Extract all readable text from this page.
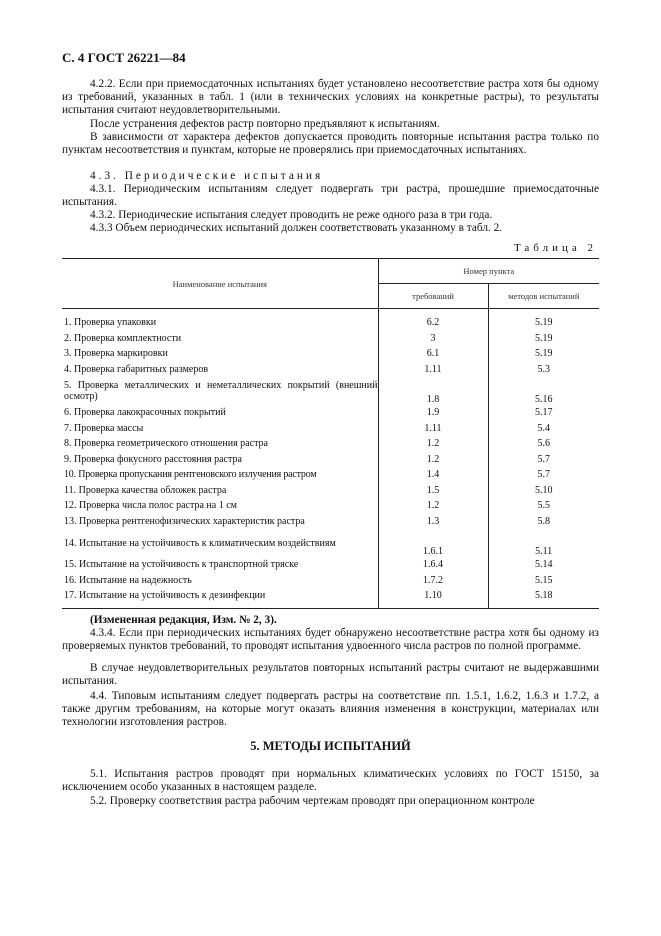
С. 4 ГОСТ 26221—84
4.2.2. Если при приемосдаточных испытаниях будет установлено несоответствие растра хотя бы одному из требований, указанных в табл. 1 (или в технических условиях на конкретные растры), то результаты испытания считают неудовлетворительными.
После устранения дефектов растр повторно предъявляют к испытаниям.
В зависимости от характера дефектов допускается проводить повторные испытания растра только по пунктам несоответствия и пунктам, которые не проверялись при приемосдаточных испытаниях.
4.3. Периодические испытания
4.3.1. Периодическим испытаниям следует подвергать три растра, прошедшие приемосдаточные испытания.
4.3.2. Периодические испытания следует проводить не реже одного раза в три года.
4.3.3 Объем периодических испытаний должен соответствовать указанному в табл. 2.
Таблица 2
Наименование испытания	Номер пункта	
	требований	методов испытаний

1. Проверка упаковки	6.2	5.19
2. Проверка комплектности	3	5.19
3. Проверка маркировки	6.1	5.19
4. Проверка габаритных размеров	1.11	5.3
5. Проверка металлических и неметаллических покрытий (внешний осмотр)	1.8	5.16
6. Проверка лакокрасочных покрытий	1.9	5.17
7. Проверка массы	1.11	5.4
8. Проверка геометрического отношения растра	1.2	5.6
9. Проверка фокусного расстояния растра	1.2	5.7
10. Проверка пропускания рентгеновского излучения растром	1.4	5.7
11. Проверка качества обложек растра	1.5	5.10
12. Проверка числа полос растра на 1 см	1.2	5.5
13. Проверка рентгенофизических характеристик растра	1.3	5.8
14. Испытание на устойчивость к климатическим воздействиям	1.6.1	5.11
15. Испытание на устойчивость к транспортной тряске	1.6.4	5.14
16. Испытание на надежность	1.7.2	5.15
17. Испытание на устойчивость к дезинфекции	1.10	5.18

(Измененная редакция, Изм. № 2, 3).
4.3.4. Если при периодических испытаниях будет обнаружено несоответствие растра хотя бы одному из проверяемых пунктов требований, то проводят испытания удвоенного числа растров по полной программе.
В случае неудовлетворительных результатов повторных испытаний растры считают не выдержавшими испытания.
4.4. Типовым испытаниям следует подвергать растры на соответствие пп. 1.5.1, 1.6.2, 1.6.3 и 1.7.2, а также другим требованиям, на которые могут оказать влияния изменения в конструкции, материалах или технологии изготовления растров.
5. МЕТОДЫ ИСПЫТАНИЙ
5.1. Испытания растров проводят при нормальных климатических условиях по ГОСТ 15150, за исключением особо указанных в настоящем разделе.
5.2. Проверку соответствия растра рабочим чертежам проводят при операционном контроле
